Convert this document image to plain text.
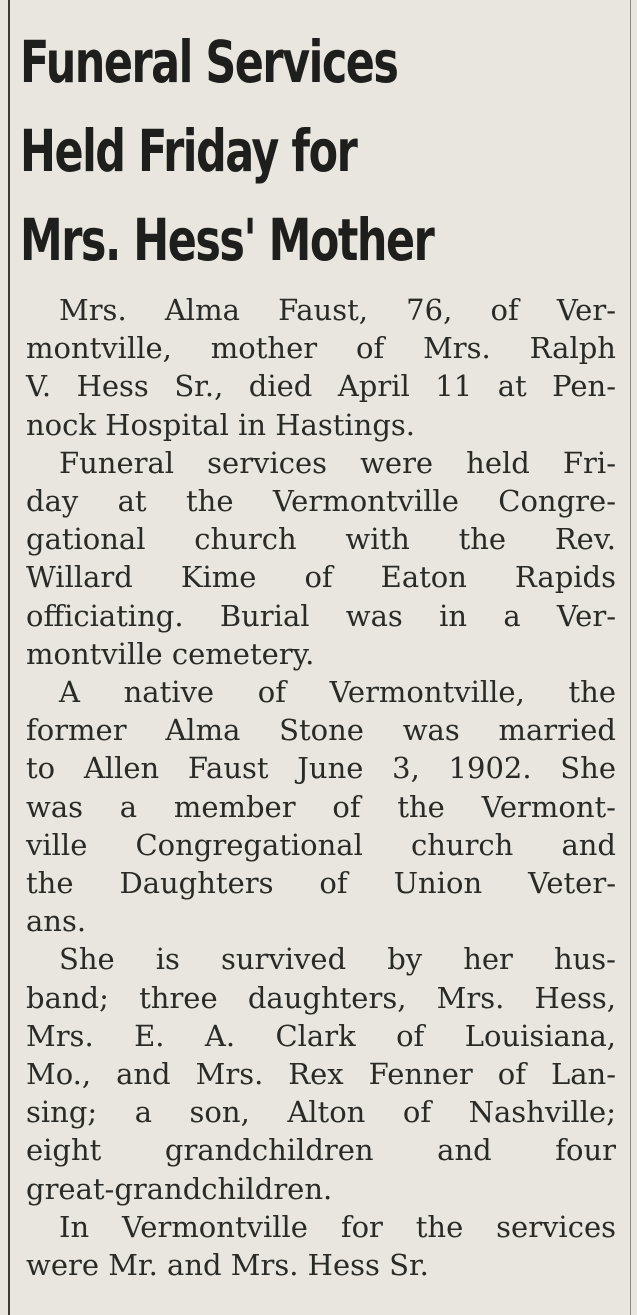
Funeral Services
Held Friday for
Mrs. Hess' Mother
Mrs. Alma Faust, 76, of Ver-
montville, mother of Mrs. Ralph
V. Hess Sr., died April 11 at Pen-
nock Hospital in Hastings.
Funeral services were held Fri-
day at the Vermontville Congre-
gational church with the Rev.
Willard Kime of Eaton Rapids
officiating. Burial was in a Ver-
montville cemetery.
A native of Vermontville, the
former Alma Stone was married
to Allen Faust June 3, 1902. She
was a member of the Vermont-
ville Congregational church and
the Daughters of Union Veter-
ans.
She is survived by her hus-
band; three daughters, Mrs. Hess,
Mrs. E. A. Clark of Louisiana,
Mo., and Mrs. Rex Fenner of Lan-
sing; a son, Alton of Nashville;
eight grandchildren and four
great-grandchildren.
In Vermontville for the services
were Mr. and Mrs. Hess Sr.
